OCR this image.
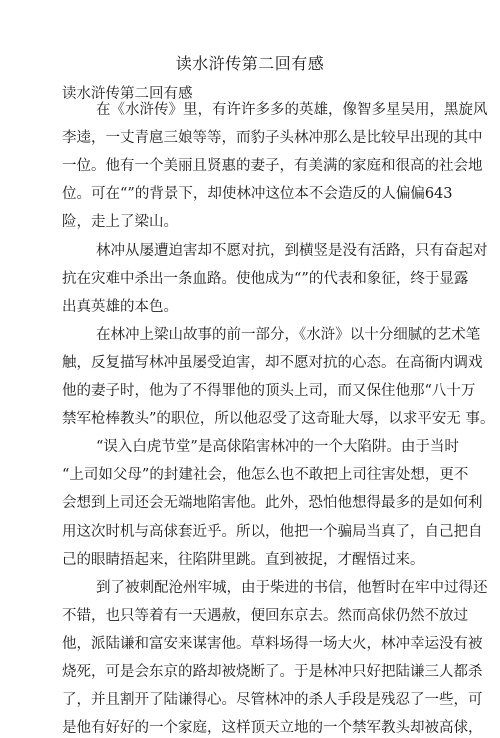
读水浒传第二回有感
读水浒传第二回有感
在《水浒传》里，有许许多多的英雄，像智多星吴用，黑旋风
李逵，一丈青扈三娘等等，而豹子头林冲那么是比较早出现的其中
一位。他有一个美丽且贤惠的妻子，有美满的家庭和很高的社会地
位。可在“”的背景下，却使林冲这位本不会造反的人偏偏643
险，走上了梁山。
林冲从屡遭迫害却不愿对抗，到横竖是没有活路，只有奋起对
抗在灾难中杀出一条血路。使他成为“”的代表和象征，终于显露
出真英雄的本色。
在林冲上梁山故事的前一部分，《水浒》以十分细腻的艺术笔
触，反复描写林冲虽屡受迫害，却不愿对抗的心态。在高衙内调戏
他的妻子时，他为了不得罪他的顶头上司，而又保住他那“八十万
禁军枪棒教头”的职位，所以他忍受了这奇耻大辱，以求平安无 事。
“误入白虎节堂”是高俅陷害林冲的一个大陷阱。由于当时
“上司如父母”的封建社会，他怎么也不敢把上司往害处想，更不
会想到上司还会无端地陷害他。此外，恐怕他想得最多的是如何利
用这次时机与高俅套近乎。所以，他把一个骗局当真了，自己把自
己的眼睛捂起来，往陷阱里跳。直到被捉，才醒悟过来。
到了被刺配沧州牢城，由于柴进的书信，他暂时在牢中过得还
不错，也只等着有一天遇赦，便回东京去。然而高俅仍然不放过
他，派陆谦和富安来谋害他。草料场得一场大火，林冲幸运没有被
烧死，可是会东京的路却被烧断了。于是林冲只好把陆谦三人都杀
了，并且割开了陆谦得心。尽管林冲的杀人手段是残忍了一些，可
是他有好好的一个家庭，这样顶天立地的一个禁军教头却被高俅，
